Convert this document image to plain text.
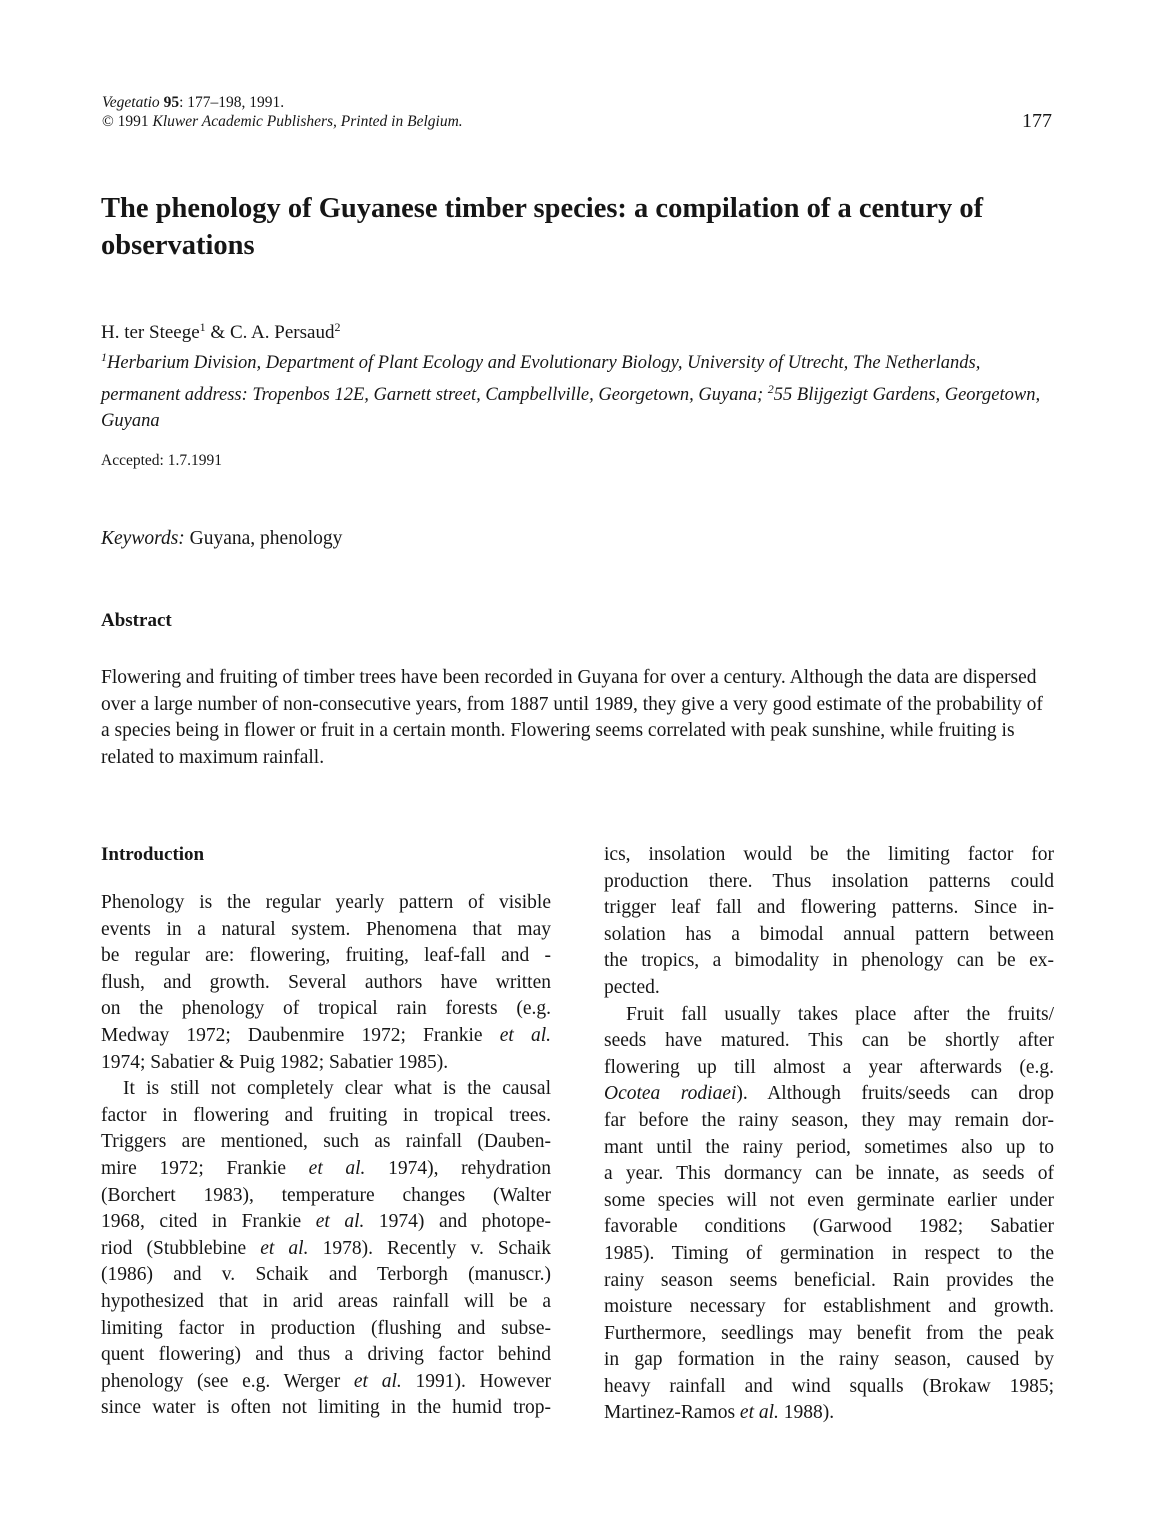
Vegetatio 95: 177–198, 1991.
© 1991 Kluwer Academic Publishers, Printed in Belgium.	177
The phenology of Guyanese timber species: a compilation of a century of observations
H. ter Steege$^1$ & C. A. Persaud$^2$
$^1$Herbarium Division, Department of Plant Ecology and Evolutionary Biology, University of Utrecht, The Netherlands, permanent address: Tropenbos 12E, Garnett street, Campbellville, Georgetown, Guyana; $^2$55 Blijgezigt Gardens, Georgetown, Guyana
Accepted: 1.7.1991
Keywords: Guyana, phenology
Abstract

Flowering and fruiting of timber trees have been recorded in Guyana for over a century. Although the data are dispersed over a large number of non-consecutive years, from 1887 until 1989, they give a very good estimate of the probability of a species being in flower or fruit in a certain month. Flowering seems correlated with peak sunshine, while fruiting is related to maximum rainfall.

Introduction
Phenology is the regular yearly pattern of visible
events in a natural system. Phenomena that may
be regular are: flowering, fruiting, leaf-fall and -
flush, and growth. Several authors have written
on the phenology of tropical rain forests (e.g.
Medway 1972; Daubenmire 1972; Frankie et al.
1974; Sabatier & Puig 1982; Sabatier 1985).
It is still not completely clear what is the causal
factor in flowering and fruiting in tropical trees.
Triggers are mentioned, such as rainfall (Dauben-
mire 1972; Frankie et al. 1974), rehydration
(Borchert 1983), temperature changes (Walter
1968, cited in Frankie et al. 1974) and photope-
riod (Stubblebine et al. 1978). Recently v. Schaik
(1986) and v. Schaik and Terborgh (manuscr.)
hypothesized that in arid areas rainfall will be a
limiting factor in production (flushing and subse-
quent flowering) and thus a driving factor behind
phenology (see e.g. Werger et al. 1991). However
since water is often not limiting in the humid trop-
ics, insolation would be the limiting factor for
production there. Thus insolation patterns could
trigger leaf fall and flowering patterns. Since in-
solation has a bimodal annual pattern between
the tropics, a bimodality in phenology can be ex-
pected.
Fruit fall usually takes place after the fruits/
seeds have matured. This can be shortly after
flowering up till almost a year afterwards (e.g.
Ocotea rodiaei). Although fruits/seeds can drop
far before the rainy season, they may remain dor-
mant until the rainy period, sometimes also up to
a year. This dormancy can be innate, as seeds of
some species will not even germinate earlier under
favorable conditions (Garwood 1982; Sabatier
1985). Timing of germination in respect to the
rainy season seems beneficial. Rain provides the
moisture necessary for establishment and growth.
Furthermore, seedlings may benefit from the peak
in gap formation in the rainy season, caused by
heavy rainfall and wind squalls (Brokaw 1985;
Martinez-Ramos et al. 1988).
